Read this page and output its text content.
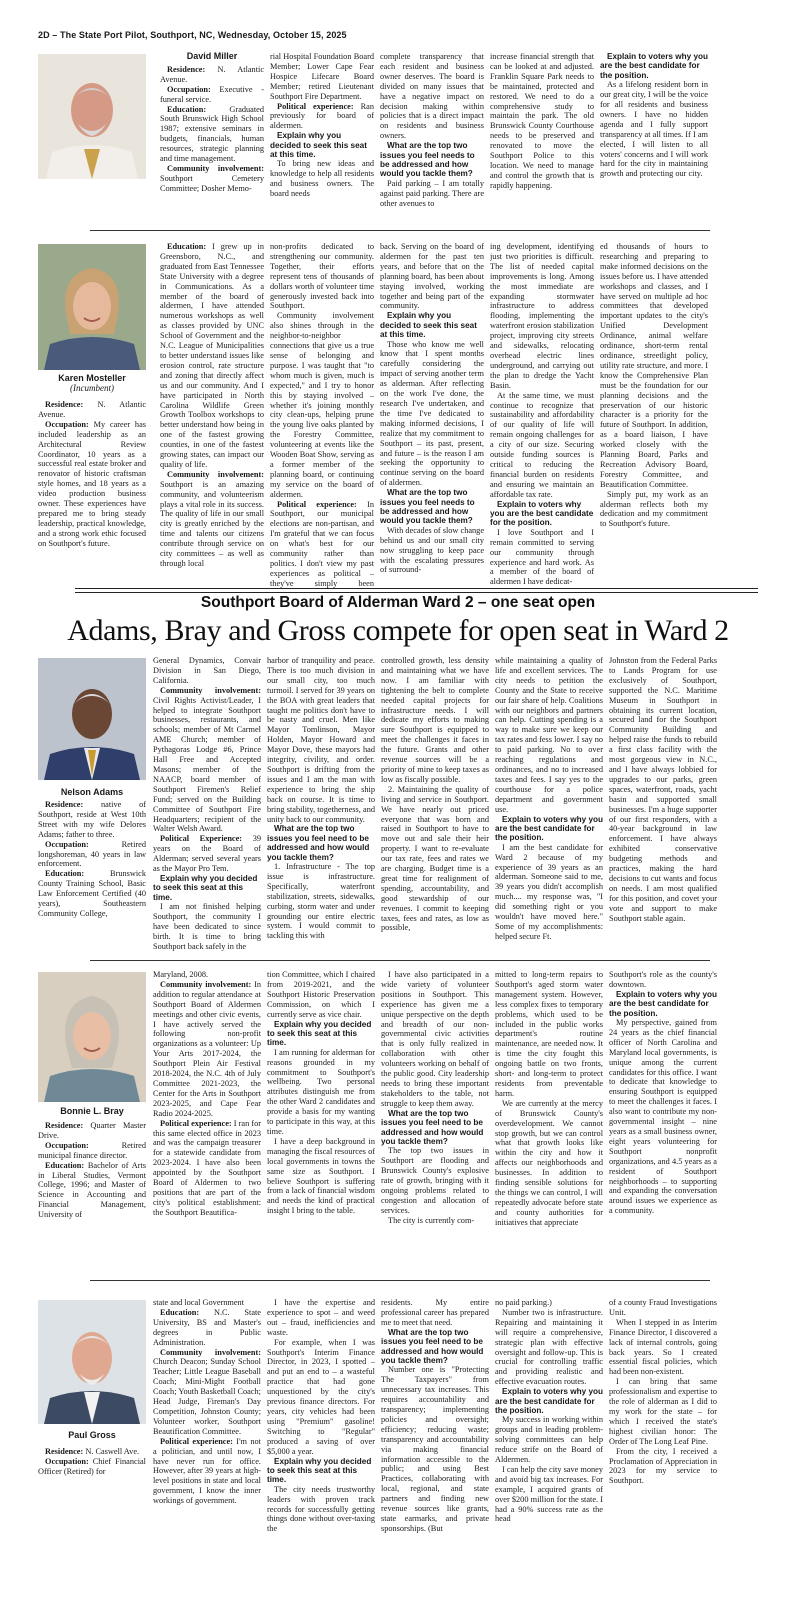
2D – The State Port Pilot, Southport, NC, Wednesday, October 15, 2025
David Miller

Residence: N. Atlantic Avenue.

Occupation: Executive - funeral service.

Education: Graduated South Brunswick High School 1987; extensive seminars in budgets, financials, human resources, strategic planning and time management.

Community involvement: Southport Cemetery Committee; Dosher Memo-

rial Hospital Foundation Board Member; Lower Cape Fear Hospice Lifecare Board Member; retired Lieutenant Southport Fire Department.

Political experience: Ran previously for board of aldermen.

Explain why you decided to seek this seat at this time.

To bring new ideas and knowledge to help all residents and business owners. The board needs

complete transparency that each resident and business owner deserves. The board is divided on many issues that have a negative impact on decision making within policies that is a direct impact on residents and business owners.

What are the top two issues you feel needs to be addressed and how would you tackle them?

Paid parking – I am totally against paid parking. There are other avenues to

increase financial strength that can be looked at and adjusted. Franklin Square Park needs to be maintained, protected and restored. We need to do a comprehensive study to maintain the park. The old Brunswick County Courthouse needs to be preserved and renovated to move the Southport Police to this location. We need to manage and control the growth that is rapidly happening.

Explain to voters why you are the best candidate for the position.

As a lifelong resident born in our great city, I will be the voice for all residents and business owners. I have no hidden agenda and I fully support transparency at all times. If I am elected, I will listen to all voters' concerns and I will work hard for the city in maintaining growth and protecting our city.

Karen Mosteller
(Incumbent)

Residence: N. Atlantic Avenue.

Occupation: My career has included leadership as an Architectural Review Coordinator, 10 years as a successful real estate broker and renovator of historic craftsman style homes, and 18 years as a video production business owner. These experiences have prepared me to bring steady leadership, practical knowledge, and a strong work ethic focused on Southport's future.

Education: I grew up in Greensboro, N.C., and graduated from East Tennessee State University with a degree in Communications. As a member of the board of aldermen, I have attended numerous workshops as well as classes provided by UNC School of Government and the N.C. League of Municipalities to better understand issues like erosion control, rate structure and zoning that directly affect us and our community. And I have participated in North Carolina Wildlife Green Growth Toolbox workshops to better understand how being in one of the fastest growing counties, in one of the fastest growing states, can impact our quality of life.

Community involvement: Southport is an amazing community, and volunteerism plays a vital role in its success. The quality of life in our small city is greatly enriched by the time and talents our citizens contribute through service on city committees – as well as through local

non-profits dedicated to strengthening our community. Together, their efforts represent tens of thousands of dollars worth of volunteer time generously invested back into Southport.

Community involvement also shines through in the neighbor-to-neighbor connections that give us a true sense of belonging and purpose. I was taught that "to whom much is given, much is expected," and I try to honor this by staying involved – whether it's joining monthly city clean-ups, helping prune the young live oaks planted by the Forestry Committee, volunteering at events like the Wooden Boat Show, serving as a former member of the planning board, or continuing my service on the board of aldermen.

Political experience: In Southport, our municipal elections are non-partisan, and I'm grateful that we can focus on what's best for our community rather than politics. I don't view my past experiences as political – they've simply been

back. Serving on the board of aldermen for the past ten years, and before that on the planning board, has been about staying involved, working together and being part of the community.

Explain why you decided to seek this seat at this time.

Those who know me well know that I spent months carefully considering the impact of serving another term as alderman. After reflecting on the work I've done, the research I've undertaken, and the time I've dedicated to making informed decisions, I realize that my commitment to Southport – its past, present, and future – is the reason I am seeking the opportunity to continue serving on the board of aldermen.

What are the top two issues you feel needs to be addressed and how would you tackle them?

With decades of slow change behind us and our small city now struggling to keep pace with the escalating pressures of surround-

ing development, identifying just two priorities is difficult. The list of needed capital improvements is long. Among the most immediate are expanding stormwater infrastructure to address flooding, implementing the waterfront erosion stabilization project, improving city streets and sidewalks, relocating overhead electric lines underground, and carrying out the plan to dredge the Yacht Basin.

At the same time, we must continue to recognize that sustainability and affordability of our quality of life will remain ongoing challenges for a city of our size. Securing outside funding sources is critical to reducing the financial burden on residents and ensuring we maintain an affordable tax rate.

Explain to voters why you are the best candidate for the position.

I love Southport and I remain committed to serving our community through experience and hard work. As a member of the board of aldermen I have dedicat-

ed thousands of hours to researching and preparing to make informed decisions on the issues before us. I have attended workshops and classes, and I have served on multiple ad hoc committees that developed important updates to the city's Unified Development Ordinance, animal welfare ordinance, short-term rental ordinance, streetlight policy, utility rate structure, and more. I know the Comprehensive Plan must be the foundation for our planning decisions and the preservation of our historic character is a priority for the future of Southport. In addition, as a board liaison, I have worked closely with the Planning Board, Parks and Recreation Advisory Board, Forestry Committee, and Beautification Committee.

Simply put, my work as an alderman reflects both my dedication and my commitment to Southport's future.

Southport Board of Alderman Ward 2 – one seat open
Adams, Bray and Gross compete for open seat in Ward 2
Nelson Adams

Residence: native of Southport, reside at West 10th Street with my wife Delores Adams; father to three.

Occupation: Retired longshoreman, 40 years in law enforcement.

Education: Brunswick County Training School, Basic Law Enforcement Certified (40 years), Southeastern Community College,

General Dynamics, Convair Division in San Diego, California.

Community involvement: Civil Rights Activist/Leader, I helped to integrate Southport businesses, restaurants, and schools; member of Mt Carmel AME Church; member of Pythagoras Lodge #6, Prince Hall Free and Accepted Masons; member of the NAACP, board member of Southport Firemen's Relief Fund; served on the Building Committee of Southport Fire Headquarters; recipient of the Walter Welsh Award.

Political Experience: 39 years on the Board of Alderman; served several years as the Mayor Pro Tem.

Explain why you decided to seek this seat at this time.

I am not finished helping Southport, the community I have been dedicated to since birth. It is time to bring Southport back safely in the

harbor of tranquility and peace. There is too much division in our small city, too much turmoil. I served for 39 years on the BOA with great leaders that taught me politics don't have to be nasty and cruel. Men like Mayor Tomlinson, Mayor Holden, Mayor Howard and Mayor Dove, these mayors had integrity, civility, and order. Southport is drifting from the issues and I am the man with experience to bring the ship back on course. It is time to bring stability, togetherness, and unity back to our community.

What are the top two issues you feel need to be addressed and how would you tackle them?

1. Infrastructure - The top issue is infrastructure. Specifically, waterfront stabilization, streets, sidewalks, curbing, storm water and under grounding our entire electric system. I would commit to tackling this with

controlled growth, less density and maintaining what we have now. I am familiar with tightening the belt to complete needed capital projects for infrastructure needs. I will dedicate my efforts to making sure Southport is equipped to meet the challenges it faces in the future. Grants and other revenue sources will be a priority of mine to keep taxes as low as fiscally possible.

2. Maintaining the quality of living and service in Southport. We have nearly out priced everyone that was born and raised in Southport to have to move out and sale their heir property. I want to re-evaluate our tax rate, fees and rates we are charging. Budget time is a great time for realignment of spending, accountability, and good stewardship of our revenues. I commit to keeping taxes, fees and rates, as low as possible,

while maintaining a quality of life and excellent services. The city needs to petition the County and the State to receive our fair share of help. Coalitions with our neighbors and partners can help. Cutting spending is a way to make sure we keep our tax rates and fess lower. I say no to paid parking. No to over reaching regulations and ordinances, and no to increased taxes and fees. I say yes to the courthouse for a police department and government use.

Explain to voters why you are the best candidate for the position.

I am the best candidate for Ward 2 because of my experience of 39 years as an alderman. Someone said to me, 39 years you didn't accomplish much.... my response was, "I did something right or you wouldn't have moved here." Some of my accomplishments: helped secure Ft.

Johnston from the Federal Parks to Lands Program for use exclusively of Southport, supported the N.C. Maritime Museum in Southport in obtaining its current location, secured land for the Southport Community Building and helped raise the funds to rebuild a first class facility with the most gorgeous view in N.C., and I have always lobbied for upgrades to our parks, green spaces, waterfront, roads, yacht basin and supported small businesses. I'm a huge supporter of our first responders, with a 40-year background in law enforcement. I have always exhibited conservative budgeting methods and practices, making the hard decisions to cut wants and focus on needs. I am most qualified for this position, and covet your vote and support to make Southport stable again.

Bonnie L. Bray

Residence: Quarter Master Drive.

Occupation: Retired municipal finance director.

Education: Bachelor of Arts in Liberal Studies, Vermont College, 1996; and Master of Science in Accounting and Financial Management, University of

Maryland, 2008.

Community involvement: In addition to regular attendance at Southport Board of Aldermen meetings and other civic events, I have actively served the following non-profit organizations as a volunteer: Up Your Arts 2017-2024, the Southport Plein Air Festival 2018-2024, the N.C. 4th of July Committee 2021-2023, the Center for the Arts in Southport 2023-2025, and Cape Fear Radio 2024-2025.

Political experience: I ran for this same elected office in 2023 and was the campaign treasurer for a statewide candidate from 2023-2024. I have also been appointed by the Southport Board of Aldermen to two positions that are part of the city's political establishment: the Southport Beautifica-

tion Committee, which I chaired from 2019-2021, and the Southport Historic Preservation Commission, on which I currently serve as vice chair.

Explain why you decided to seek this seat at this time.

I am running for alderman for reasons grounded in my commitment to Southport's wellbeing. Two personal attributes distinguish me from the other Ward 2 candidates and provide a basis for my wanting to participate in this way, at this time.

I have a deep background in managing the fiscal resources of local governments in towns the same size as Southport. I believe Southport is suffering from a lack of financial wisdom and needs the kind of practical insight I bring to the table.

I have also participated in a wide variety of volunteer positions in Southport. This experience has given me a unique perspective on the depth and breadth of our non-governmental civic activities that is only fully realized in collaboration with other volunteers working on behalf of the public good. City leadership needs to bring these important stakeholders to the table, not struggle to keep them away.

What are the top two issues you feel need to be addressed and how would you tackle them?

The top two issues in Southport are flooding and Brunswick County's explosive rate of growth, bringing with it ongoing problems related to congestion and allocation of services.

The city is currently com-

mitted to long-term repairs to Southport's aged storm water management system. However, less complex fixes to temporary problems, which used to be included in the public works department's routine maintenance, are needed now. It is time the city fought this ongoing battle on two fronts, short- and long-term to protect residents from preventable harm.

We are currently at the mercy of Brunswick County's overdevelopment. We cannot stop growth, but we can control what that growth looks like within the city and how it affects our neighborhoods and businesses. In addition to finding sensible solutions for the things we can control, I will repeatedly advocate before state and county authorities for initiatives that appreciate

Southport's role as the county's downtown.

Explain to voters why you are the best candidate for the position.

My perspective, gained from 24 years as the chief financial officer of North Carolina and Maryland local governments, is unique among the current candidates for this office. I want to dedicate that knowledge to ensuring Southport is equipped to meet the challenges it faces. I also want to contribute my non-governmental insight – nine years as a small business owner, eight years volunteering for Southport nonprofit organizations, and 4.5 years as a resident of Southport neighborhoods – to supporting and expanding the conversation around issues we experience as a community.

Paul Gross

Residence: N. Caswell Ave.

Occupation: Chief Financial Officer (Retired) for

state and local Government

Education: N.C. State University, BS and Master's degrees in Public Administration.

Community involvement: Church Deacon; Sunday School Teacher; Little League Baseball Coach; Mini-Might Football Coach; Youth Basketball Coach; Head Judge, Fireman's Day Competition, Johnston County; Volunteer worker, Southport Beautification Committee.

Political experience: I'm not a politician, and until now, I have never run for office. However, after 39 years at high-level positions in state and local government, I know the inner workings of government.

I have the expertise and experience to spot – and weed out – fraud, inefficiencies and waste.

For example, when I was Southport's Interim Finance Director, in 2023, I spotted – and put an end to – a wasteful practice that had gone unquestioned by the city's previous finance directors. For years, city vehicles had been using "Premium" gasoline! Switching to "Regular" produced a saving of over $5,000 a year.

Explain why you decided to seek this seat at this time.

The city needs trustworthy leaders with proven track records for successfully getting things done without over-taxing the

residents. My entire professional career has prepared me to meet that need.

What are the top two issues you feel need to be addressed and how would you tackle them?

Number one is "Protecting The Taxpayers" from unnecessary tax increases. This requires accountability and transparency; implementing policies and oversight; efficiency; reducing waste; transparency and accountability via making financial information accessible to the public; and using Best Practices, collaborating with local, regional, and state partners and finding new revenue sources like grants, state earmarks, and private sponsorships. (But

no paid parking.)

Number two is infrastructure. Repairing and maintaining it will require a comprehensive, strategic plan with effective oversight and follow-up. This is crucial for controlling traffic and providing realistic and effective evacuation routes.

Explain to voters why you are the best candidate for the position.

My success in working within groups and in leading problem-solving committees can help reduce strife on the Board of Aldermen.

I can help the city save money and avoid big tax increases. For example, I acquired grants of over $200 million for the state. I had a 90% success rate as the head

of a county Fraud Investigations Unit.

When I stepped in as Interim Finance Director, I discovered a lack of internal controls, going back years. So I created essential fiscal policies, which had been non-existent.

I can bring that same professionalism and expertise to the role of alderman as I did to my work for the state – for which I received the state's highest civilian honor: The Order of The Long Leaf Pine.

From the city, I received a Proclamation of Appreciation in 2023 for my service to Southport.
